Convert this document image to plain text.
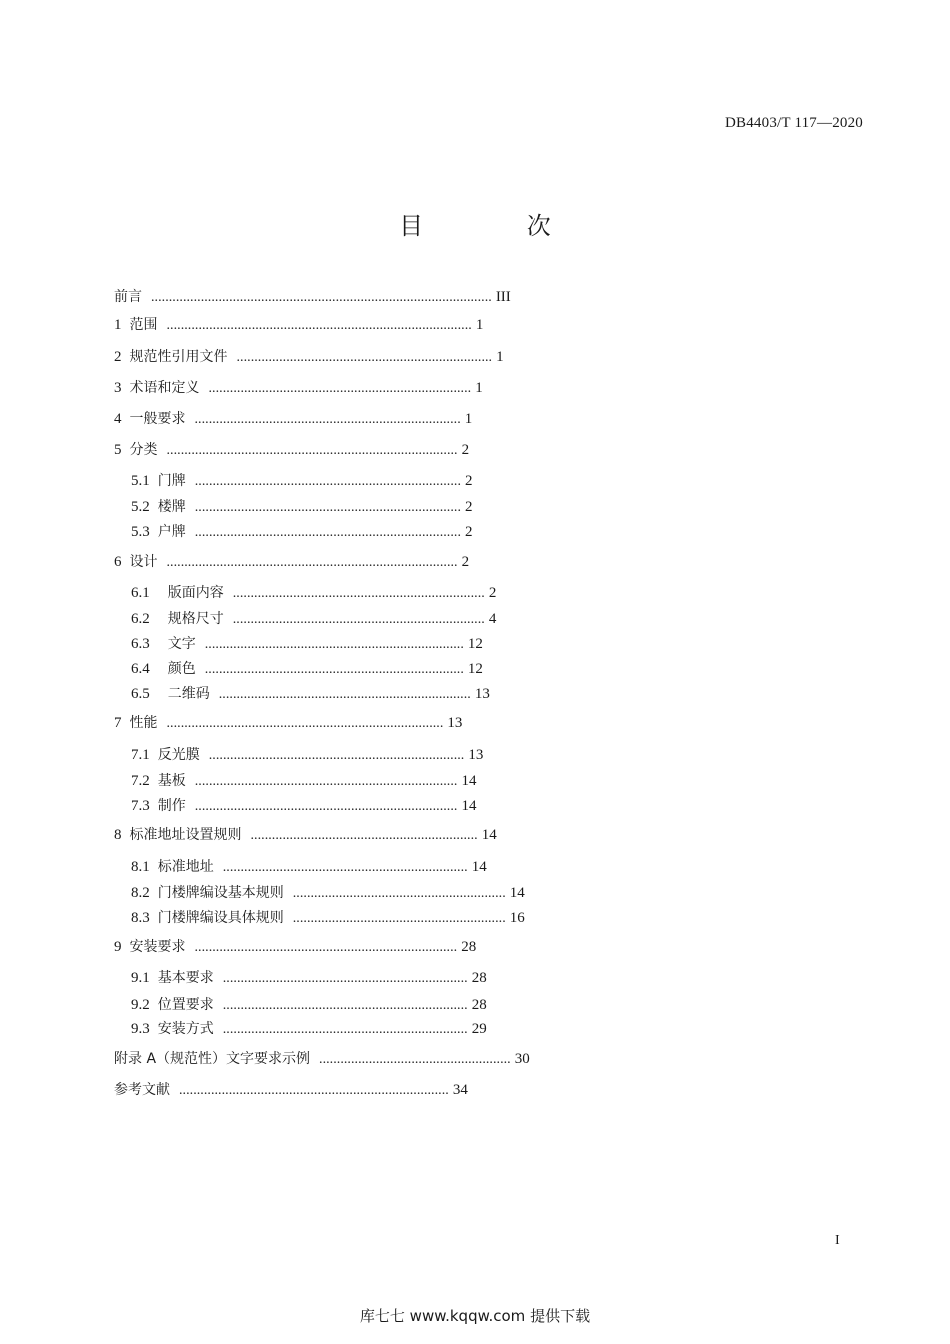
DB4403/T 117—2020
目 次
前言 ................................................................................................ III
1 范围 ...................................................................................... 1
2 规范性引用文件 ........................................................................ 1
3 术语和定义 .......................................................................... 1
4 一般要求 ........................................................................... 1
5 分类 .................................................................................. 2
5.1 门牌 ........................................................................... 2
5.2 楼牌 ........................................................................... 2
5.3 户牌 ........................................................................... 2
6 设计 .................................................................................. 2
6.1 版面内容 ....................................................................... 2
6.2 规格尺寸 ....................................................................... 4
6.3 文字 ......................................................................... 12
6.4 颜色 ......................................................................... 12
6.5 二维码 ....................................................................... 13
7 性能 .............................................................................. 13
7.1 反光膜 ........................................................................ 13
7.2 基板 .......................................................................... 14
7.3 制作 .......................................................................... 14
8 标准地址设置规则 ................................................................ 14
8.1 标准地址 ..................................................................... 14
8.2 门楼牌编设基本规则 ............................................................ 14
8.3 门楼牌编设具体规则 ............................................................ 16
9 安装要求 .......................................................................... 28
9.1 基本要求 ..................................................................... 28
9.2 位置要求 ..................................................................... 28
9.3 安装方式 ..................................................................... 29
附录 A（规范性）文字要求示例 ...................................................... 30
参考文献 ............................................................................ 34
I
库七七 www.kqqw.com 提供下载
